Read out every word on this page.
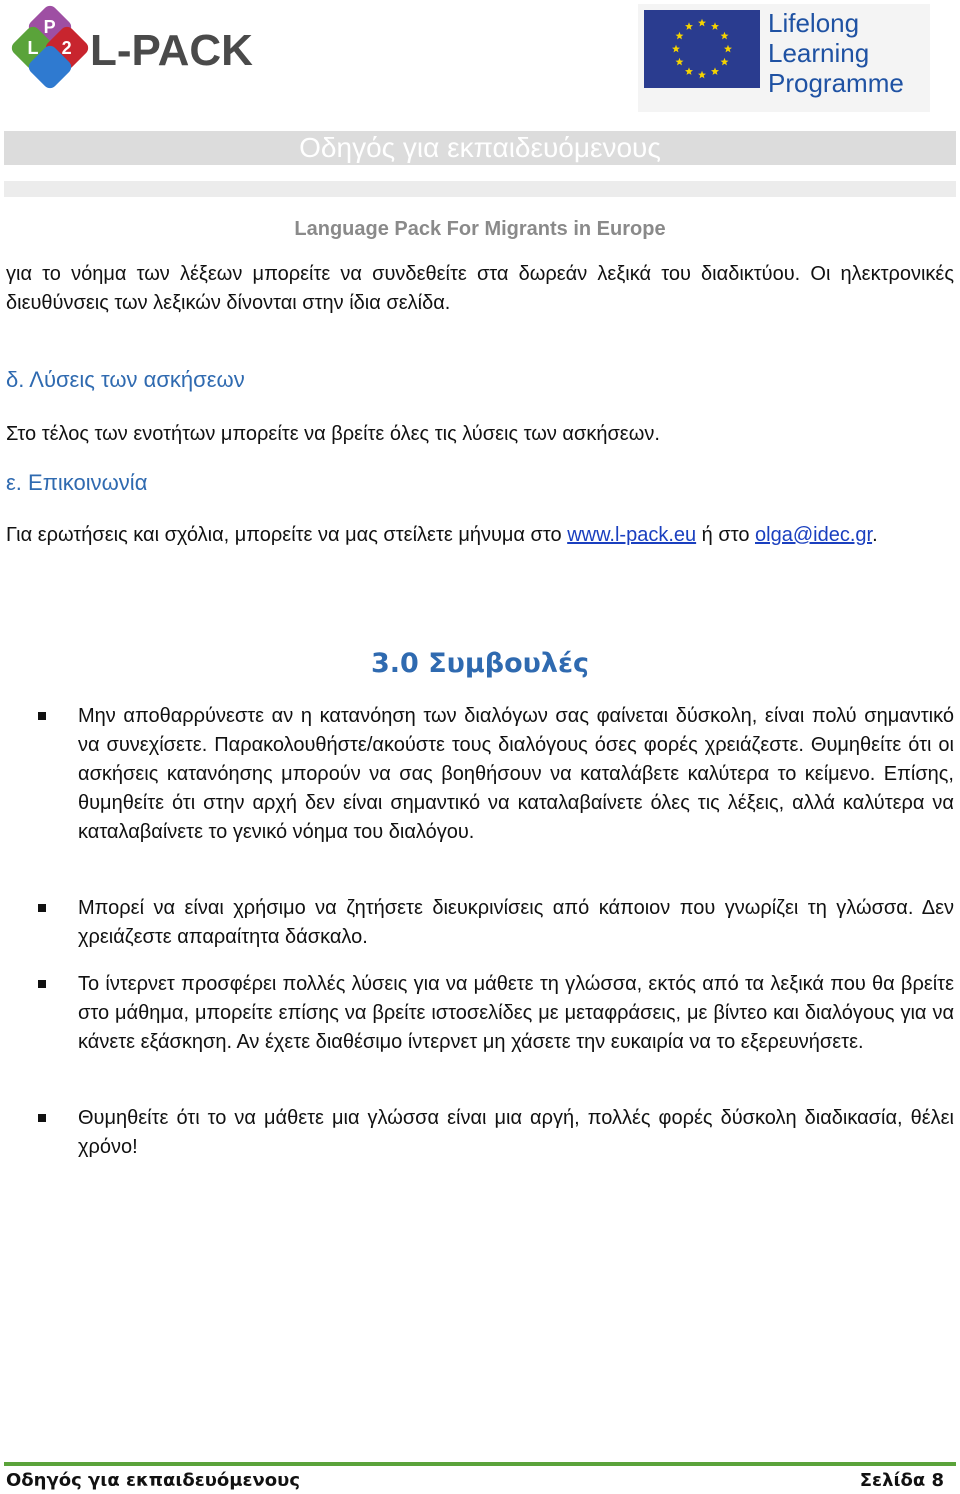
P
L 2 L-PACK
Lifelong
Learning
Programme
Οδηγός για εκπαιδευόμενους
Language Pack For Migrants in Europe
για το νόημα των λέξεων μπορείτε να συνδεθείτε στα δωρεάν λεξικά του διαδικτύου. Οι ηλεκτρονικές διευθύνσεις των λεξικών δίνονται στην ίδια σελίδα.
δ. Λύσεις των ασκήσεων
Στο τέλος των ενοτήτων μπορείτε να βρείτε όλες τις λύσεις των ασκήσεων.
ε. Επικοινωνία
Για ερωτήσεις και σχόλια, μπορείτε να μας στείλετε μήνυμα στο www.l-pack.eu ή στο olga@idec.gr.
3.0 Συμβουλές
Μην αποθαρρύνεστε αν η κατανόηση των διαλόγων σας φαίνεται δύσκολη, είναι πολύ σημαντικό να συνεχίσετε. Παρακολουθήστε/ακούστε τους διαλόγους όσες φορές χρειάζεστε. Θυμηθείτε ότι οι ασκήσεις κατανόησης μπορούν να σας βοηθήσουν να καταλάβετε καλύτερα το κείμενο. Επίσης, θυμηθείτε ότι στην αρχή δεν είναι σημαντικό να καταλαβαίνετε όλες τις λέξεις, αλλά καλύτερα να καταλαβαίνετε το γενικό νόημα του διαλόγου.
Μπορεί να είναι χρήσιμο να ζητήσετε διευκρινίσεις από κάποιον που γνωρίζει τη γλώσσα. Δεν χρειάζεστε απαραίτητα δάσκαλο.
Το ίντερνετ προσφέρει πολλές λύσεις για να μάθετε τη γλώσσα, εκτός από τα λεξικά που θα βρείτε στο μάθημα, μπορείτε επίσης να βρείτε ιστοσελίδες με μεταφράσεις, με βίντεο και διαλόγους για να κάνετε εξάσκηση. Αν έχετε διαθέσιμο ίντερνετ μη χάσετε την ευκαιρία να το εξερευνήσετε.
Θυμηθείτε ότι το να μάθετε μια γλώσσα είναι μια αργή, πολλές φορές δύσκολη διαδικασία, θέλει χρόνο!
Οδηγός για εκπαιδευόμενους	Σελίδα 8
